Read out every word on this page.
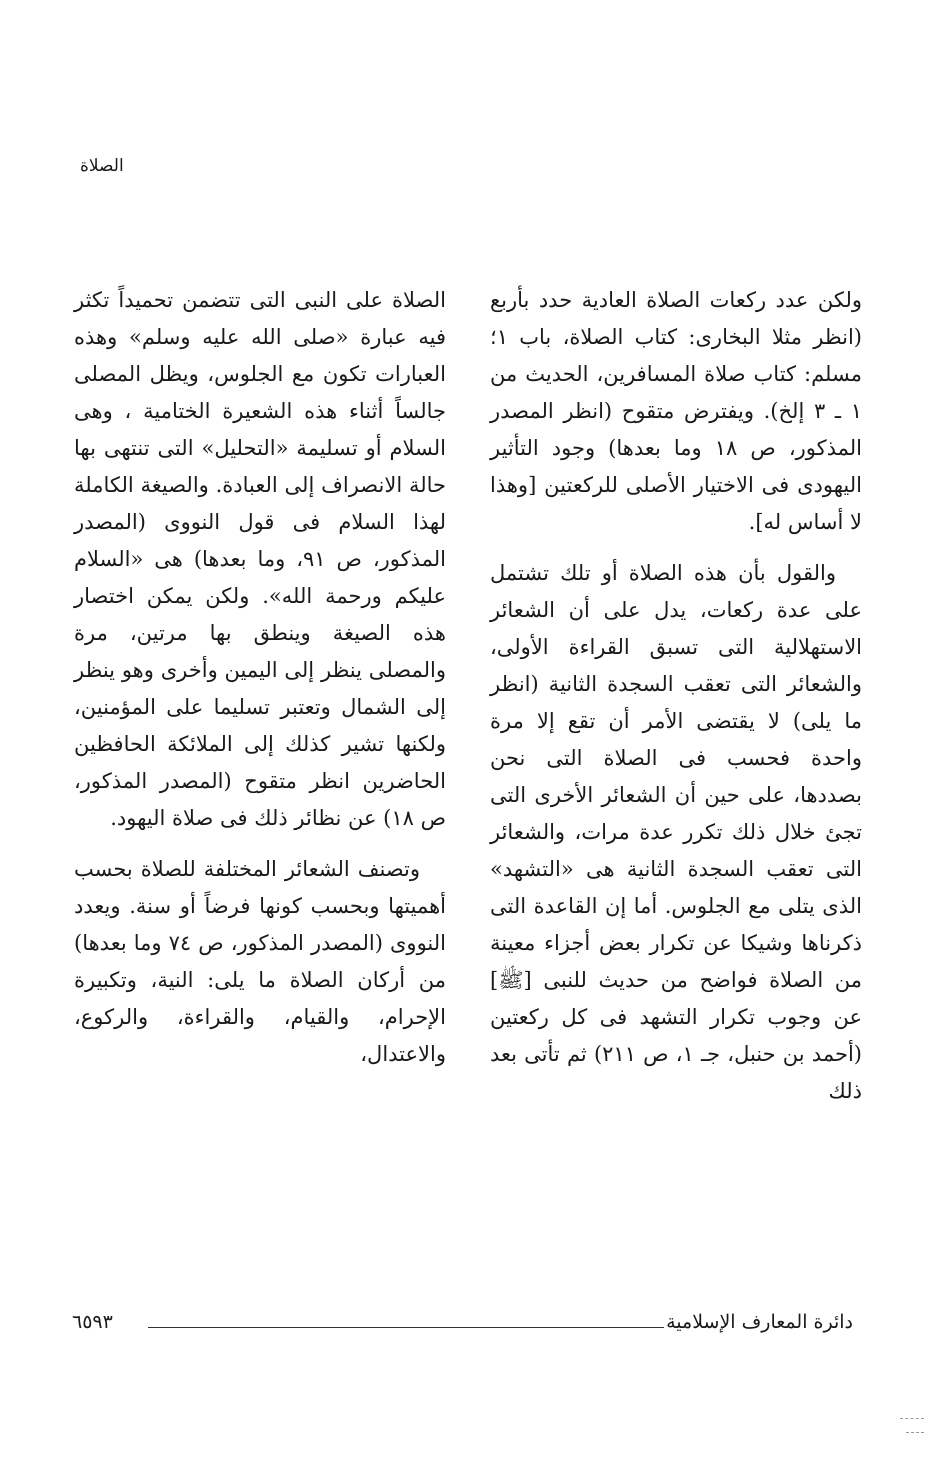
الصلاة

ولكن عدد ركعات الصلاة العادية حدد بأربع (انظر مثلا البخارى: كتاب الصلاة، باب ١؛ مسلم: كتاب صلاة المسافرين، الحديث من ١ ـ ٣ إلخ). ويفترض متقوح (انظر المصدر المذكور، ص ١٨ وما بعدها) وجود التأثير اليهودى فى الاختيار الأصلى للركعتين [وهذا لا أساس له].

والقول بأن هذه الصلاة أو تلك تشتمل على عدة ركعات، يدل على أن الشعائر الاستهلالية التى تسبق القراءة الأولى، والشعائر التى تعقب السجدة الثانية (انظر ما يلى) لا يقتضى الأمر أن تقع إلا مرة واحدة فحسب فى الصلاة التى نحن بصددها، على حين أن الشعائر الأخرى التى تجئ خلال ذلك تكرر عدة مرات، والشعائر التى تعقب السجدة الثانية هى «التشهد» الذى يتلى مع الجلوس. أما إن القاعدة التى ذكرناها وشيكا عن تكرار بعض أجزاء معينة من الصلاة فواضح من حديث للنبى [ﷺ] عن وجوب تكرار التشهد فى كل ركعتين (أحمد بن حنبل، جـ ١، ص ٢١١) ثم تأتى بعد ذلك

الصلاة على النبى التى تتضمن تحميداً تكثر فيه عبارة «صلى الله عليه وسلم» وهذه العبارات تكون مع الجلوس، ويظل المصلى جالساً أثناء هذه الشعيرة الختامية ، وهى السلام أو تسليمة «التحليل» التى تنتهى بها حالة الانصراف إلى العبادة. والصيغة الكاملة لهذا السلام فى قول النووى (المصدر المذكور، ص ٩١، وما بعدها) هى «السلام عليكم ورحمة الله». ولكن يمكن اختصار هذه الصيغة وينطق بها مرتين، مرة والمصلى ينظر إلى اليمين وأخرى وهو ينظر إلى الشمال وتعتبر تسليما على المؤمنين، ولكنها تشير كذلك إلى الملائكة الحافظين الحاضرين انظر متقوح (المصدر المذكور، ص ١٨) عن نظائر ذلك فى صلاة اليهود.

وتصنف الشعائر المختلفة للصلاة بحسب أهميتها وبحسب كونها فرضاً أو سنة. ويعدد النووى (المصدر المذكور، ص ٧٤ وما بعدها) من أركان الصلاة ما يلى: النية، وتكبيرة الإحرام، والقيام، والقراءة، والركوع، والاعتدال،

دائرة المعارف الإسلامية
٦٥٩٣
